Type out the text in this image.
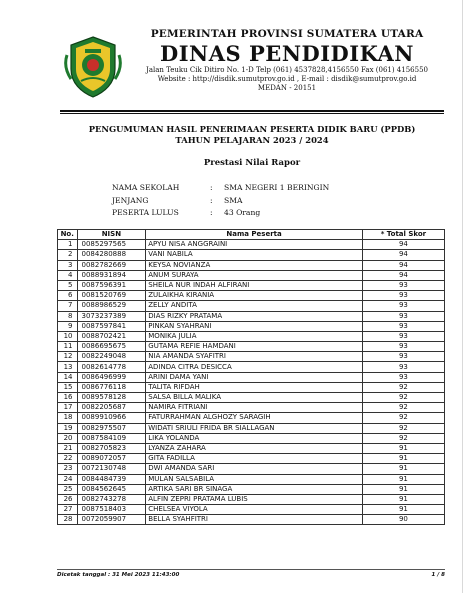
PEMERINTAH PROVINSI SUMATERA UTARA
DINAS PENDIDIKAN
Jalan Teuku Cik Ditiro No. 1-D Telp (061) 4537828,4156550 Fax (061) 4156550
Website : http://disdik.sumutprov.go.id , E-mail : disdik@sumutprov.go.id
MEDAN - 20151
PENGUMUMAN HASIL PENERIMAAN PESERTA DIDIK BARU (PPDB)
TAHUN PELAJARAN 2023 / 2024
Prestasi Nilai Rapor
NAMA SEKOLAH	:	SMA NEGERI 1 BERINGIN
JENJANG	:	SMA
PESERTA LULUS	:	43 Orang
No.	NISN	Nama Peserta	* Total Skor
1	0085297565	APYU NISA ANGGRAINI	94
2	0084280888	VANI NABILA	94
3	0082782669	KEYSA NOVIANZA	94
4	0088931894	ANUM SURAYA	94
5	0087596391	SHEILA NUR INDAH ALFIRANI	93
6	0081520769	ZULAIKHA KIRANIA	93
7	0088986529	ZELLY ANDITA	93
8	3073237389	DIAS RIZKY PRATAMA	93
9	0087597841	PINKAN SYAHRANI	93
10	0088702421	MONIKA JULIA	93
11	0086695675	GUTAMA REFIE HAMDANI	93
12	0082249048	NIA AMANDA SYAFITRI	93
13	0082614778	ADINDA CITRA DESICCA	93
14	0086496999	ARINI DAMA YANI	93
15	0086776118	TALITA RIFDAH	92
16	0089578128	SALSA BILLA MALIKA	92
17	0082205687	NAMIRA FITRIANI	92
18	0089910966	FATURRAHMAN ALGHOZY SARAGIH	92
19	0082975507	WIDATI SRIULI FRIDA BR SIALLAGAN	92
20	0087584109	LIKA YOLANDA	92
21	0082705823	LYANZA ZAHARA	91
22	0089072057	GITA FADILLA	91
23	0072130748	DWI AMANDA SARI	91
24	0084484739	MULAN SALSABILA	91
25	0084562645	ARTIKA SARI BR SINAGA	91
26	0082743278	ALFIN ZEPRI PRATAMA LUBIS	91
27	0087518403	CHELSEA VIYOLA	91
28	0072059907	BELLA SYAHFITRI	90
Dicetak tanggal : 31 Mei 2023 11:43:00	1 / 8
